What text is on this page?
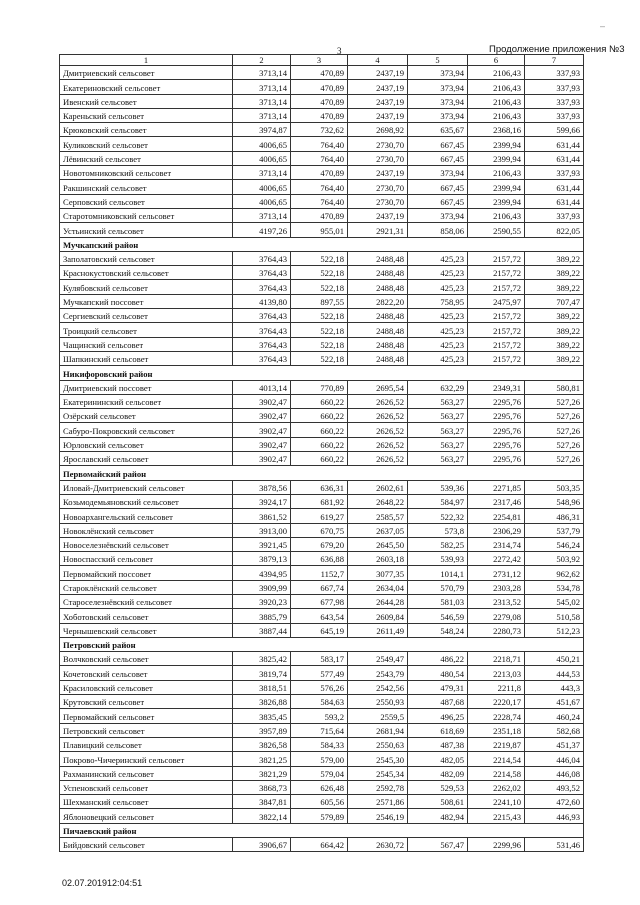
–
3	Продолжение приложения №3
1	2	3	4	5	6	7
Дмитриевский сельсовет	3713,14	470,89	2437,19	373,94	2106,43	337,93
Екатериновский сельсовет	3713,14	470,89	2437,19	373,94	2106,43	337,93
Ивенский сельсовет	3713,14	470,89	2437,19	373,94	2106,43	337,93
Кареньский сельсовет	3713,14	470,89	2437,19	373,94	2106,43	337,93
Крюковский сельсовет	3974,87	732,62	2698,92	635,67	2368,16	599,66
Куликовский сельсовет	4006,65	764,40	2730,70	667,45	2399,94	631,44
Лёвинский сельсовет	4006,65	764,40	2730,70	667,45	2399,94	631,44
Новотомниковский сельсовет	3713,14	470,89	2437,19	373,94	2106,43	337,93
Ракшинский сельсовет	4006,65	764,40	2730,70	667,45	2399,94	631,44
Серповский сельсовет	4006,65	764,40	2730,70	667,45	2399,94	631,44
Старотомниковский сельсовет	3713,14	470,89	2437,19	373,94	2106,43	337,93
Устьинский сельсовет	4197,26	955,01	2921,31	858,06	2590,55	822,05
Мучкапский район						
Заполатовский сельсовет	3764,43	522,18	2488,48	425,23	2157,72	389,22
Краснокустовский сельсовет	3764,43	522,18	2488,48	425,23	2157,72	389,22
Кулябовский сельсовет	3764,43	522,18	2488,48	425,23	2157,72	389,22
Мучкапский поссовет	4139,80	897,55	2822,20	758,95	2475,97	707,47
Сергиевский сельсовет	3764,43	522,18	2488,48	425,23	2157,72	389,22
Троицкий сельсовет	3764,43	522,18	2488,48	425,23	2157,72	389,22
Чащинский сельсовет	3764,43	522,18	2488,48	425,23	2157,72	389,22
Шапкинский сельсовет	3764,43	522,18	2488,48	425,23	2157,72	389,22
Никифоровский район						
Дмитриевский поссовет	4013,14	770,89	2695,54	632,29	2349,31	580,81
Екатерининский сельсовет	3902,47	660,22	2626,52	563,27	2295,76	527,26
Озёрский сельсовет	3902,47	660,22	2626,52	563,27	2295,76	527,26
Сабуро-Покровский сельсовет	3902,47	660,22	2626,52	563,27	2295,76	527,26
Юрловский сельсовет	3902,47	660,22	2626,52	563,27	2295,76	527,26
Ярославский сельсовет	3902,47	660,22	2626,52	563,27	2295,76	527,26
Первомайский район						
Иловай-Дмитриевский сельсовет	3878,56	636,31	2602,61	539,36	2271,85	503,35
Козьмодемьяновский сельсовет	3924,17	681,92	2648,22	584,97	2317,46	548,96
Новоархангельский сельсовет	3861,52	619,27	2585,57	522,32	2254,81	486,31
Новоклёнский сельсовет	3913,00	670,75	2637,05	573,8	2306,29	537,79
Новоселезнёвский сельсовет	3921,45	679,20	2645,50	582,25	2314,74	546,24
Новоспасский сельсовет	3879,13	636,88	2603,18	539,93	2272,42	503,92
Первомайский поссовет	4394,95	1152,7	3077,35	1014,1	2731,12	962,62
Староклёнский сельсовет	3909,99	667,74	2634,04	570,79	2303,28	534,78
Староселезнёвский сельсовет	3920,23	677,98	2644,28	581,03	2313,52	545,02
Хоботовский сельсовет	3885,79	643,54	2609,84	546,59	2279,08	510,58
Чернышевский сельсовет	3887,44	645,19	2611,49	548,24	2280,73	512,23
Петровский район						
Волчковский сельсовет	3825,42	583,17	2549,47	486,22	2218,71	450,21
Кочетовский сельсовет	3819,74	577,49	2543,79	480,54	2213,03	444,53
Красиловский сельсовет	3818,51	576,26	2542,56	479,31	2211,8	443,3
Крутовский сельсовет	3826,88	584,63	2550,93	487,68	2220,17	451,67
Первомайский сельсовет	3835,45	593,2	2559,5	496,25	2228,74	460,24
Петровский сельсовет	3957,89	715,64	2681,94	618,69	2351,18	582,68
Плавицкий сельсовет	3826,58	584,33	2550,63	487,38	2219,87	451,37
Покрово-Чичеринский сельсовет	3821,25	579,00	2545,30	482,05	2214,54	446,04
Рахманинский сельсовет	3821,29	579,04	2545,34	482,09	2214,58	446,08
Успеновский сельсовет	3868,73	626,48	2592,78	529,53	2262,02	493,52
Шехманский сельсовет	3847,81	605,56	2571,86	508,61	2241,10	472,60
Яблоновецкий сельсовет	3822,14	579,89	2546,19	482,94	2215,43	446,93
Пичаевский район						
Бийдовский сельсовет	3906,67	664,42	2630,72	567,47	2299,96	531,46
02.07.201912:04:51
